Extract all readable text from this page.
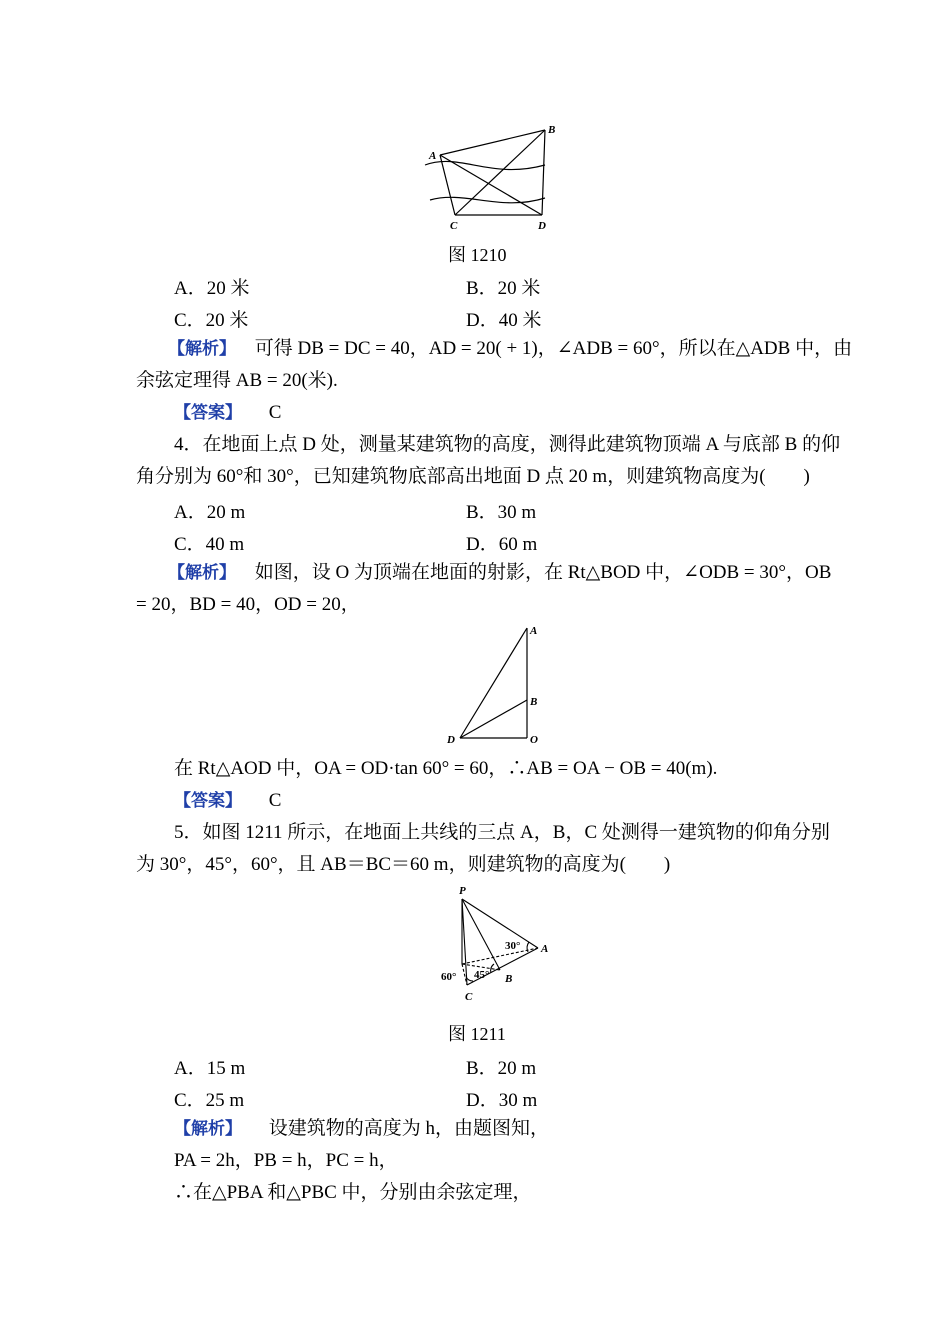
A
B
C	D
图 1210
A．20 米	B．20 米
C．20 米	D．40 米
【解析】 可得 DB = DC = 40，AD = 20( + 1)，∠ADB = 60°，所以在△ADB 中，由
余弦定理得 AB = 20(米).
【答案】 C
4．在地面上点 D 处，测量某建筑物的高度，测得此建筑物顶端 A 与底部 B 的仰
角分别为 60°和 30°，已知建筑物底部高出地面 D 点 20 m，则建筑物高度为(　　)
A．20 m	B．30 m
C．40 m	D．60 m
【解析】 如图，设 O 为顶端在地面的射影，在 Rt△BOD 中，∠ODB = 30°，OB
= 20，BD = 40，OD = 20，
A
B
D	O
在 Rt△AOD 中，OA = OD·tan 60° = 60，∴AB = OA − OB = 40(m).
【答案】 C
5．如图 1211 所示，在地面上共线的三点 A，B，C 处测得一建筑物的仰角分别
为 30°，45°，60°，且 AB＝BC＝60 m，则建筑物的高度为(　　)
P
A
B
C
30°
45°
60°
图 1211
A．15 m	B．20 m
C．25 m	D．30 m
【解析】 设建筑物的高度为 h，由题图知，
PA = 2h，PB = h，PC = h，
∴在△PBA 和△PBC 中，分别由余弦定理，
